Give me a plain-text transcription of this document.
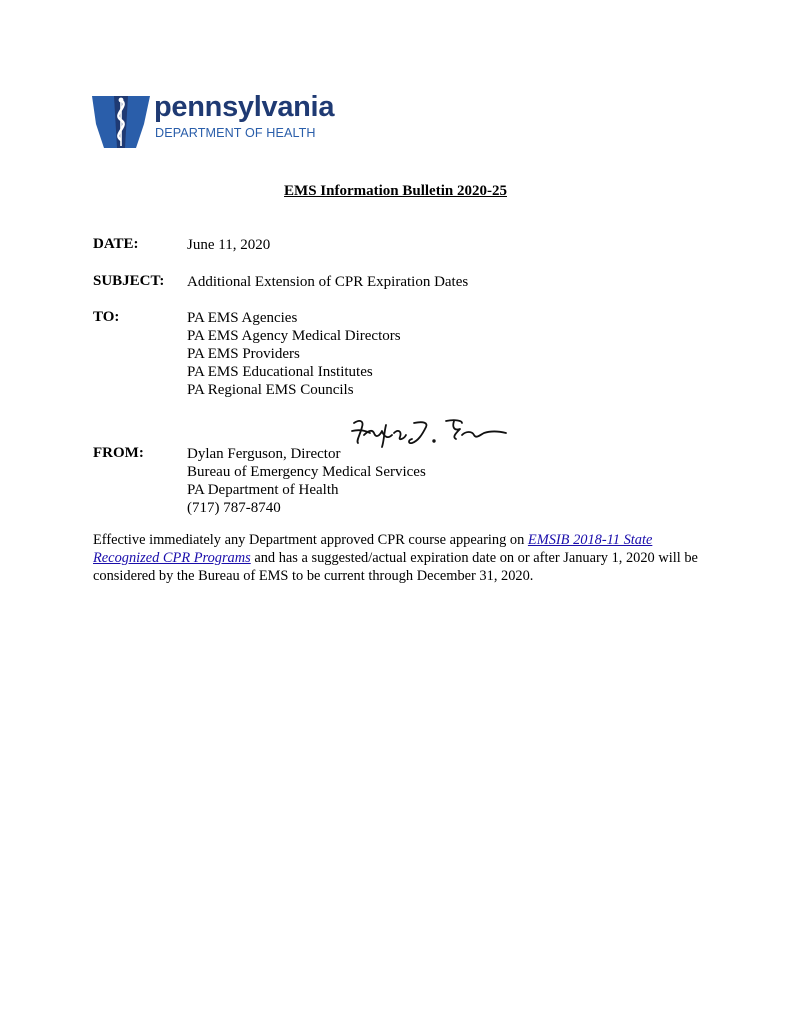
pennsylvania
DEPARTMENT OF HEALTH
EMS Information Bulletin 2020-25
DATE:	June 11, 2020
SUBJECT: Additional Extension of CPR Expiration Dates
TO:	PA EMS Agencies
PA EMS Agency Medical Directors
PA EMS Providers
PA EMS Educational Institutes
PA Regional EMS Councils
FROM:	Dylan Ferguson, Director
Bureau of Emergency Medical Services
PA Department of Health
(717) 787-8740
Effective immediately any Department approved CPR course appearing on EMSIB 2018-11 State Recognized CPR Programs and has a suggested/actual expiration date on or after January 1, 2020 will be considered by the Bureau of EMS to be current through December 31, 2020.
